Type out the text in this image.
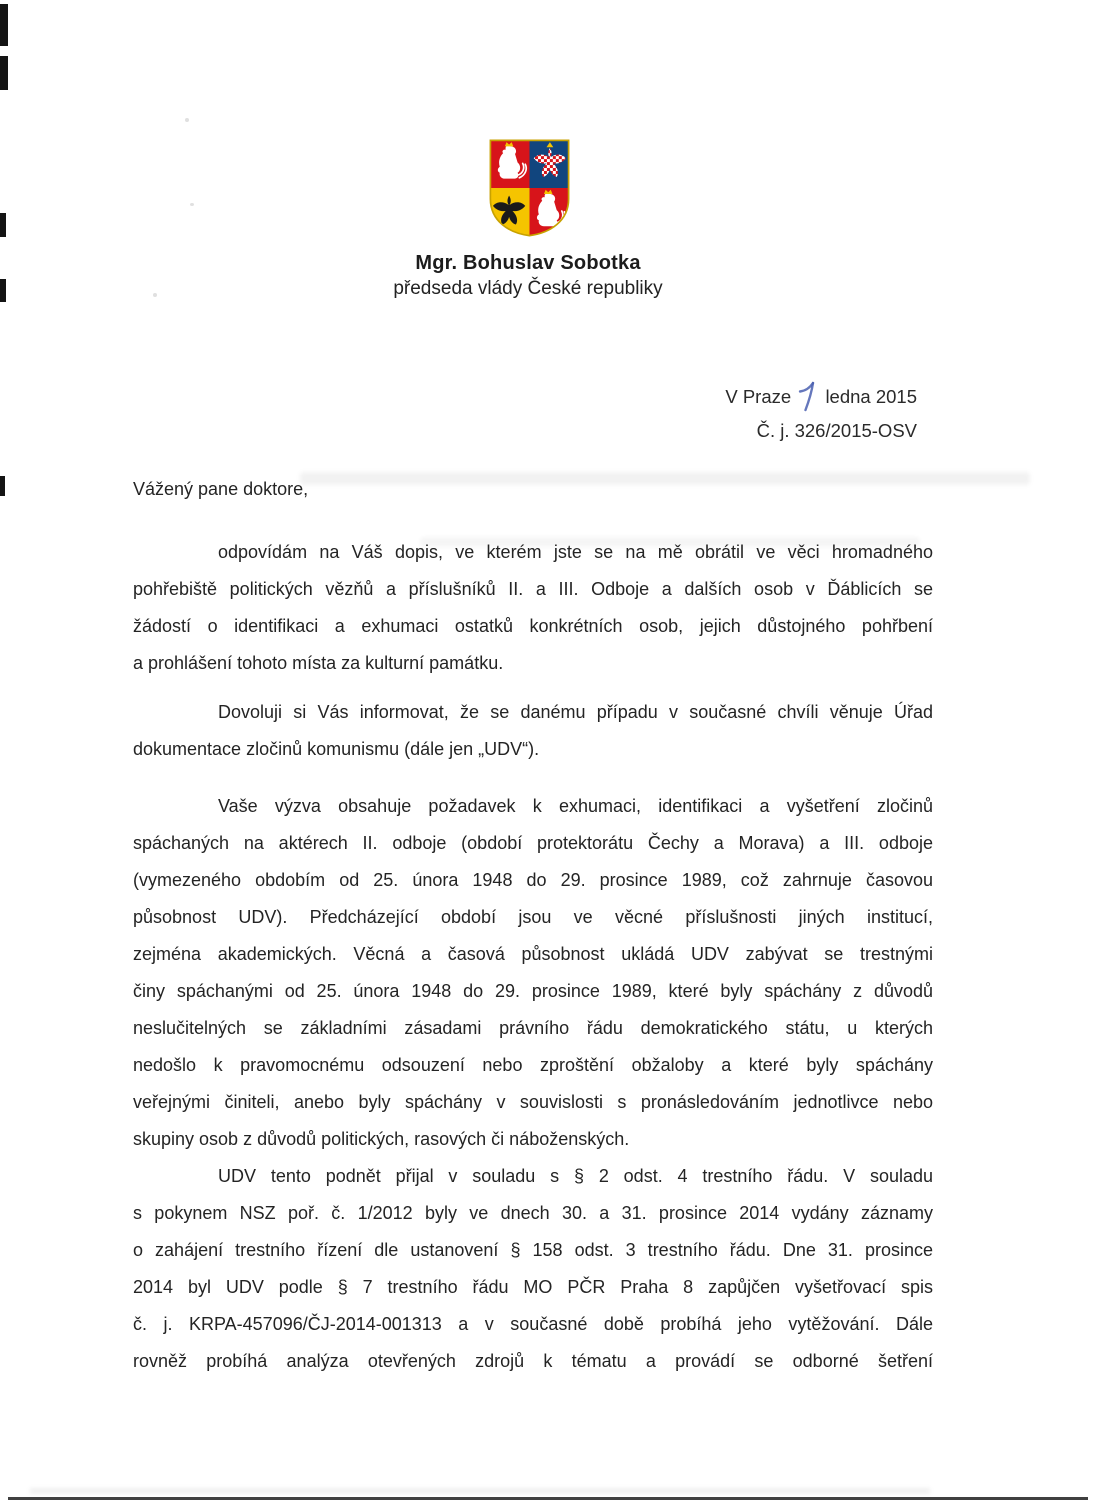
Mgr. Bohuslav Sobotka
předseda vlády České republiky
V Praze ledna 2015
Č. j. 326/2015-OSV
Vážený pane doktore,
odpovídám na Váš dopis, ve kterém jste se na mě obrátil ve věci hromadného
pohřebiště politických vězňů a příslušníků II. a III. Odboje a dalších osob v Ďáblicích se
žádostí o identifikaci a exhumaci ostatků konkrétních osob, jejich důstojného pohřbení
a prohlášení tohoto místa za kulturní památku.
Dovoluji si Vás informovat, že se danému případu v současné chvíli věnuje Úřad
dokumentace zločinů komunismu (dále jen „UDV“).
Vaše výzva obsahuje požadavek k exhumaci, identifikaci a vyšetření zločinů
spáchaných na aktérech II. odboje (období protektorátu Čechy a Morava) a III. odboje
(vymezeného obdobím od 25. února 1948 do 29. prosince 1989, což zahrnuje časovou
působnost UDV). Předcházející období jsou ve věcné příslušnosti jiných institucí,
zejména akademických. Věcná a časová působnost ukládá UDV zabývat se trestnými
činy spáchanými od 25. února 1948 do 29. prosince 1989, které byly spáchány z důvodů
neslučitelných se základními zásadami právního řádu demokratického státu, u kterých
nedošlo k pravomocnému odsouzení nebo zproštění obžaloby a které byly spáchány
veřejnými činiteli, anebo byly spáchány v souvislosti s pronásledováním jednotlivce nebo
skupiny osob z důvodů politických, rasových či náboženských.
UDV tento podnět přijal v souladu s § 2 odst. 4 trestního řádu. V souladu
s pokynem NSZ poř. č. 1/2012 byly ve dnech 30. a 31. prosince 2014 vydány záznamy
o zahájení trestního řízení dle ustanovení § 158 odst. 3 trestního řádu. Dne 31. prosince
2014 byl UDV podle § 7 trestního řádu MO PČR Praha 8 zapůjčen vyšetřovací spis
č. j. KRPA-457096/ČJ-2014-001313 a v současné době probíhá jeho vytěžování. Dále
rovněž probíhá analýza otevřených zdrojů k tématu a provádí se odborné šetření
